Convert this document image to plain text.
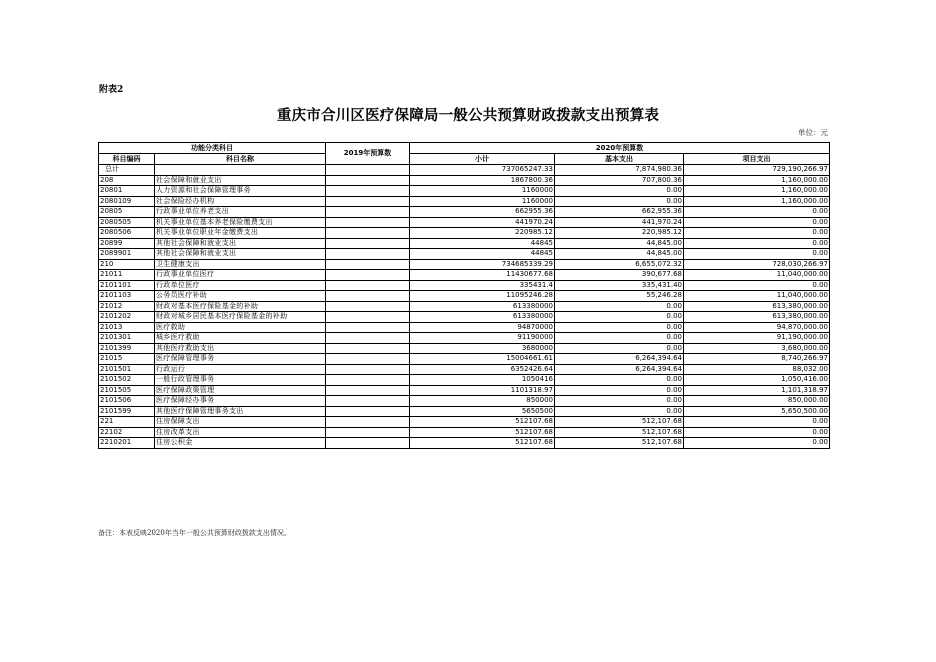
附表2
重庆市合川区医疗保障局一般公共预算财政拨款支出预算表
单位：元
功能分类科目		2019年预算数	2020年预算数		
科目编码	科目名称		小计	基本支出	项目支出
总计			737065247.33	7,874,980.36	729,190,266.97
208	社会保障和就业支出		1867800.36	707,800.36	1,160,000.00
20801	人力资源和社会保障管理事务		1160000	0.00	1,160,000.00
2080109	社会保险经办机构		1160000	0.00	1,160,000.00
20805	行政事业单位养老支出		662955.36	662,955.36	0.00
2080505	机关事业单位基本养老保险缴费支出		441970.24	441,970.24	0.00
2080506	机关事业单位职业年金缴费支出		220985.12	220,985.12	0.00
20899	其他社会保障和就业支出		44845	44,845.00	0.00
2089901	其他社会保障和就业支出		44845	44,845.00	0.00
210	卫生健康支出		734685339.29	6,655,072.32	728,030,266.97
21011	行政事业单位医疗		11430677.68	390,677.68	11,040,000.00
2101101	行政单位医疗		335431.4	335,431.40	0.00
2101103	公务员医疗补助		11095246.28	55,246.28	11,040,000.00
21012	财政对基本医疗保险基金的补助		613380000	0.00	613,380,000.00
2101202	财政对城乡居民基本医疗保险基金的补助		613380000	0.00	613,380,000.00
21013	医疗救助		94870000	0.00	94,870,000.00
2101301	城乡医疗救助		91190000	0.00	91,190,000.00
2101399	其他医疗救助支出		3680000	0.00	3,680,000.00
21015	医疗保障管理事务		15004661.61	6,264,394.64	8,740,266.97
2101501	行政运行		6352426.64	6,264,394.64	88,032.00
2101502	一般行政管理事务		1050416	0.00	1,050,416.00
2101505	医疗保障政策管理		1101318.97	0.00	1,101,318.97
2101506	医疗保障经办事务		850000	0.00	850,000.00
2101599	其他医疗保障管理事务支出		5650500	0.00	5,650,500.00
221	住房保障支出		512107.68	512,107.68	0.00
22102	住房改革支出		512107.68	512,107.68	0.00
2210201	住房公积金		512107.68	512,107.68	0.00
备注：本表反映2020年当年一般公共预算财政拨款支出情况。
